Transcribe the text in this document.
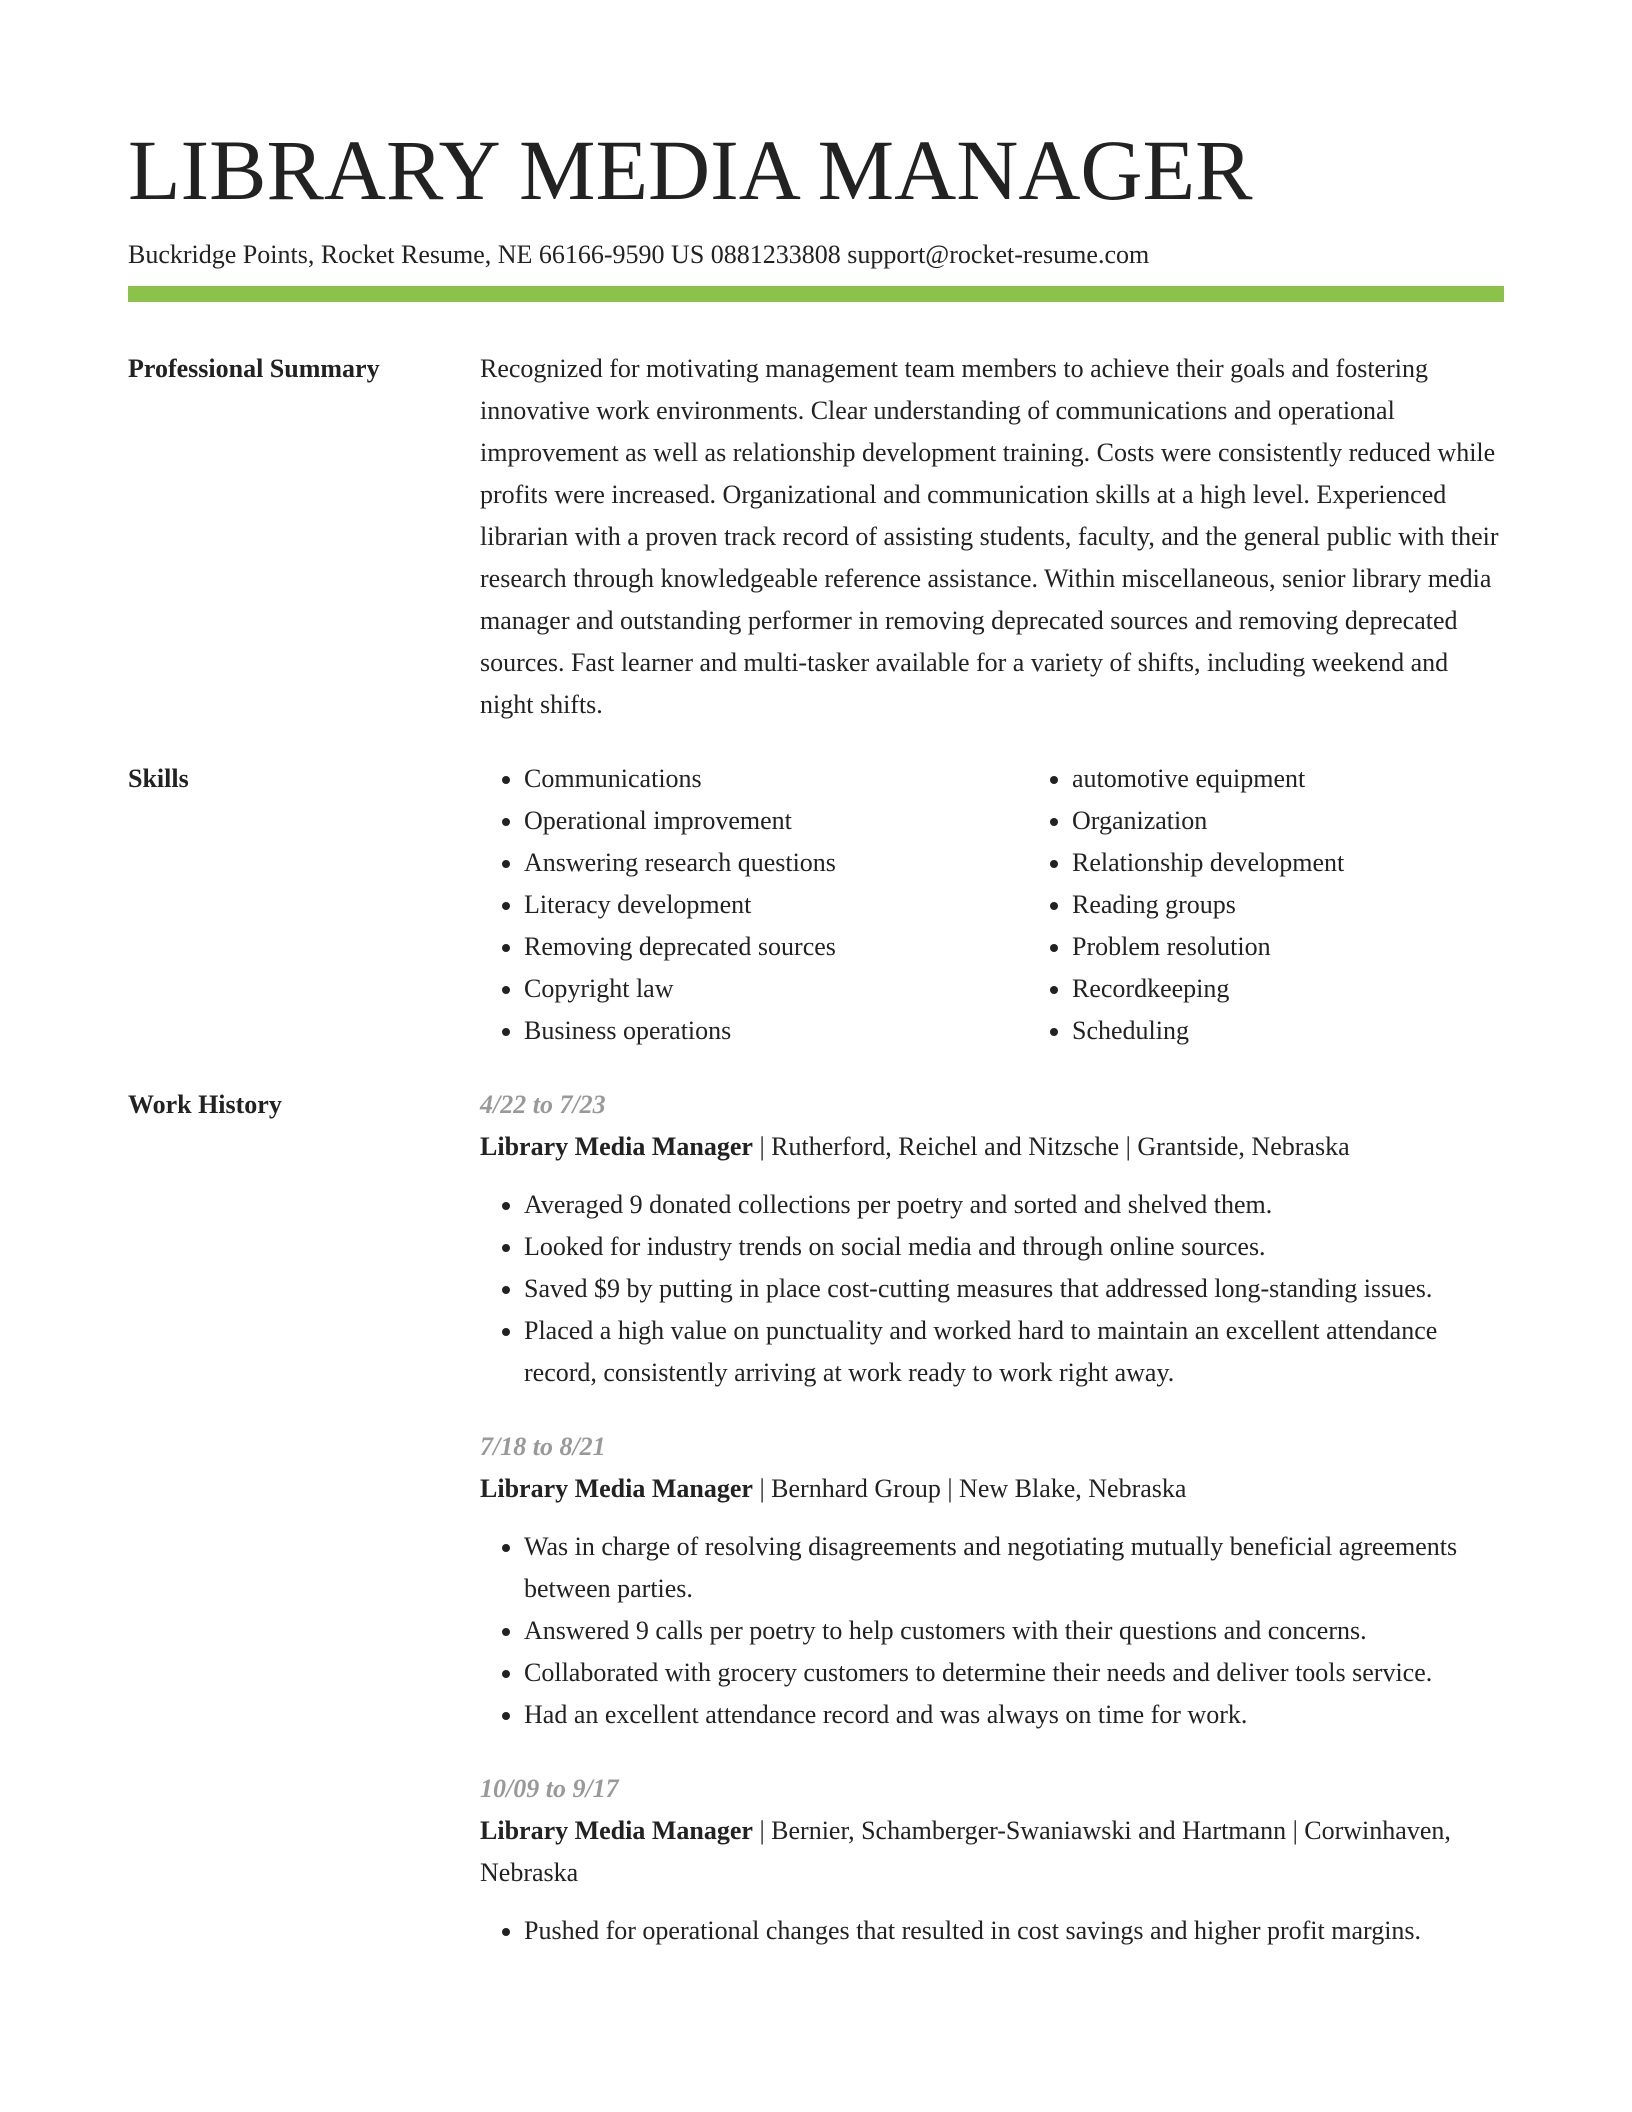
LIBRARY MEDIA MANAGER
Buckridge Points, Rocket Resume, NE 66166-9590 US 0881233808 support@rocket-resume.com
Professional Summary	Recognized for motivating management team members to achieve their goals and fostering innovative work environments. Clear understanding of communications and operational improvement as well as relationship development training. Costs were consistently reduced while profits were increased. Organizational and communication skills at a high level. Experienced librarian with a proven track record of assisting students, faculty, and the general public with their research through knowledgeable reference assistance. Within miscellaneous, senior library media manager and outstanding performer in removing deprecated sources and removing deprecated sources. Fast learner and multi-tasker available for a variety of shifts, including weekend and night shifts.

Skills
•	Communications
• Operational improvement
• Answering research questions
• Literacy development
• Removing deprecated sources
• Copyright law
• Business operations
• automotive equipment
• Organization
• Relationship development
• Reading groups
• Problem resolution
• Recordkeeping
• Scheduling
Work History	4/22 to 7/23
Library Media Manager | Rutherford, Reichel and Nitzsche | Grantside, Nebraska
• Averaged 9 donated collections per poetry and sorted and shelved them.
• Looked for industry trends on social media and through online sources.
• Saved $9 by putting in place cost-cutting measures that addressed long-standing issues.
• Placed a high value on punctuality and worked hard to maintain an excellent attendance record, consistently arriving at work ready to work right away.
7/18 to 8/21
Library Media Manager | Bernhard Group | New Blake, Nebraska
• Was in charge of resolving disagreements and negotiating mutually beneficial agreements between parties.
• Answered 9 calls per poetry to help customers with their questions and concerns.
• Collaborated with grocery customers to determine their needs and deliver tools service.
• Had an excellent attendance record and was always on time for work.
10/09 to 9/17
Library Media Manager | Bernier, Schamberger-Swaniawski and Hartmann | Corwinhaven, Nebraska
• Pushed for operational changes that resulted in cost savings and higher profit margins.
